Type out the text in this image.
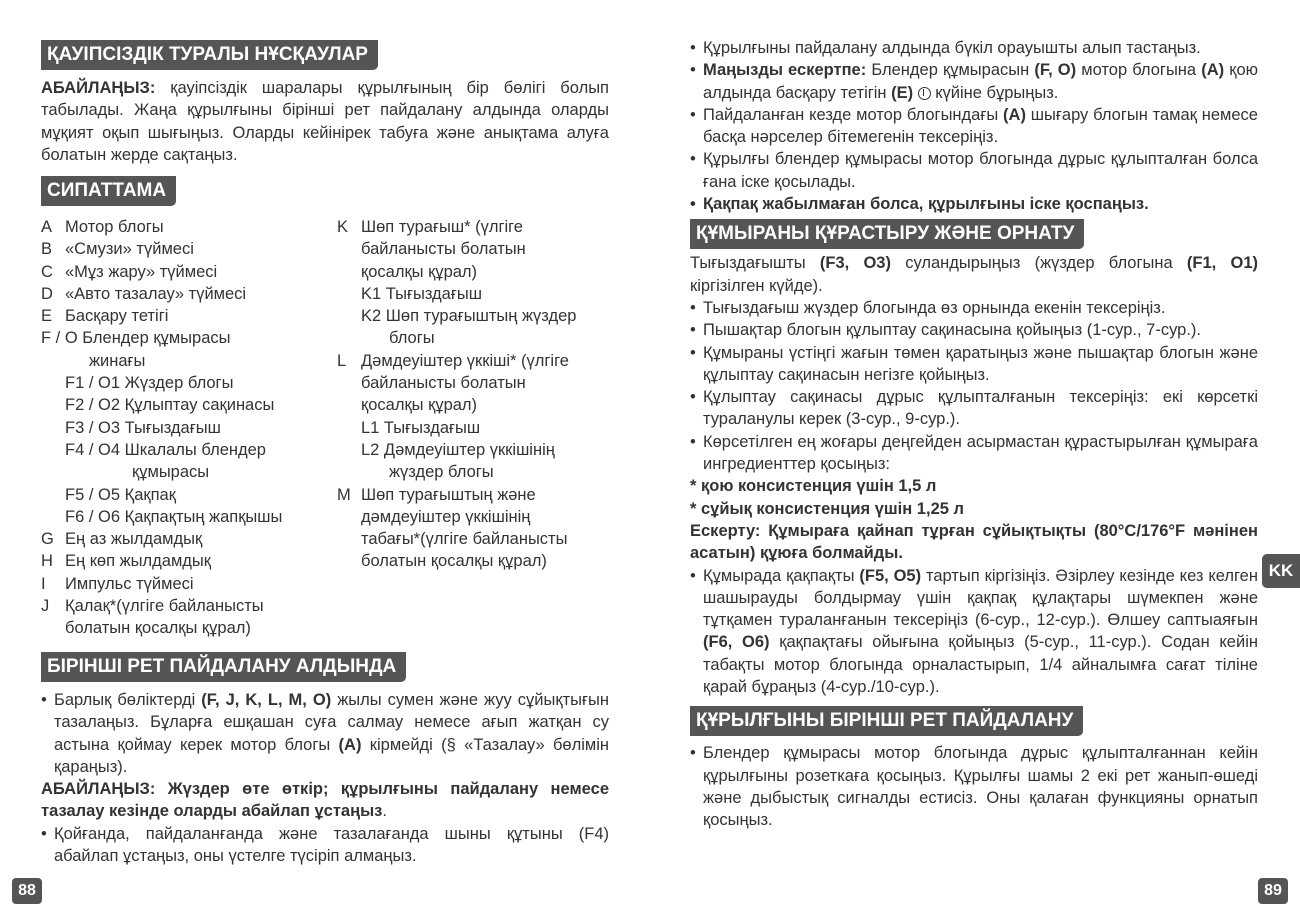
ҚАУІПСІЗДІК ТУРАЛЫ НҰСҚАУЛАР

АБАЙЛАҢЫЗ: қауіпсіздік шаралары құрылғының бір бөлігі болып табылады. Жаңа құрылғыны бірінші рет пайдалану алдында оларды мұқият оқып шығыңыз. Оларды кейінірек табуға және анықтама алуға болатын жерде сақтаңыз.

СИПАТТАМА
A Мотор блогы
B «Смузи» түймесі
C «Мұз жару» түймесі
D «Авто тазалау» түймесі
E Басқару тетігі
F / O Блендер құмырасы
жинағы
F1 / O1 Жүздер блогы
F2 / O2 Құлыптау сақинасы
F3 / O3 Тығыздағыш
F4 / O4 Шкалалы блендер
құмырасы
F5 / O5 Қақпақ
F6 / O6 Қақпақтың жапқышы
G Ең аз жылдамдық
H Ең көп жылдамдық
I Импульс түймесі
J Қалақ*(үлгіге байланысты
болатын қосалқы құрал)
K Шөп турағыш* (үлгіге
байланысты болатын
қосалқы құрал)
K1 Тығыздағыш
K2 Шөп турағыштың жүздер
блогы
L Дәмдеуіштер үккіші* (үлгіге
байланысты болатын
қосалқы құрал)
L1 Тығыздағыш
L2 Дәмдеуіштер үккішінің
жүздер блогы
M Шөп турағыштың және
дәмдеуіштер үккішінің
табағы*(үлгіге байланысты
болатын қосалқы құрал)
БІРІНШІ РЕТ ПАЙДАЛАНУ АЛДЫНДА
• Барлық бөліктерді (F, J, K, L, M, O) жылы сумен және жуу сұйықтығын тазалаңыз. Бұларға ешқашан суға салмау немесе ағып жатқан су астына қоймау керек мотор блогы (A) кірмейді (§ «Тазалау» бөлімін қараңыз).

АБАЙЛАҢЫЗ: Жүздер өте өткір; құрылғыны пайдалану немесе тазалау кезінде оларды абайлап ұстаңыз.

• Қойғанда, пайдаланғанда және тазалағанда шыны құтыны (F4) абайлап ұстаңыз, оны үстелге түсіріп алмаңыз.
88
• Құрылғыны пайдалану алдында бүкіл орауышты алып тастаңыз.
• Маңызды ескертпе: Блендер құмырасын (F, O) мотор блогына (A) қою алдында басқару тетігін (E)  күйіне бұрыңыз.
• Пайдаланған кезде мотор блогындағы (A) шығару блогын тамақ немесе басқа нәрселер бітемегенін тексеріңіз.
• Құрылғы блендер құмырасы мотор блогында дұрыс құлыпталған болса ғана іске қосылады.
• Қақпақ жабылмаған болса, құрылғыны іске қоспаңыз.
ҚҰМЫРАНЫ ҚҰРАСТЫРУ ЖӘНЕ ОРНАТУ

Тығыздағышты (F3, O3) суландырыңыз (жүздер блогына (F1, O1) кіргізілген күйде).

• Тығыздағыш жүздер блогында өз орнында екенін тексеріңіз.
• Пышақтар блогын құлыптау сақинасына қойыңыз (1-сур., 7-сур.).
• Құмыраны үстіңгі жағын төмен қаратыңыз және пышақтар блогын және құлыптау сақинасын негізге қойыңыз.
• Құлыптау сақинасы дұрыс құлыпталғанын тексеріңіз: екі көрсеткі тураланулы керек (3-сур., 9-сур.).
• Көрсетілген ең жоғары деңгейден асырмастан құрастырылған құмыраға ингредиенттер қосыңыз:

* қою консистенция үшін 1,5 л

* сұйық консистенция үшін 1,25 л

Ескерту: Құмыраға қайнап тұрған сұйықтықты (80°C/176°F мәнінен асатын) құюға болмайды.

• Құмырада қақпақты (F5, O5) тартып кіргізіңіз. Әзірлеу кезінде кез келген шашырауды болдырмау үшін қақпақ құлақтары шүмекпен және тұтқамен тураланғанын тексеріңіз (6-сур., 12-сур.). Өлшеу саптыаяғын (F6, O6) қақпақтағы ойығына қойыңыз (5-сур., 11-сур.). Содан кейін табақты мотор блогында орналастырып, 1/4 айналымға сағат тіліне қарай бұраңыз (4-сур./10-сур.).
ҚҰРЫЛҒЫНЫ БІРІНШІ РЕТ ПАЙДАЛАНУ
• Блендер құмырасы мотор блогында дұрыс құлыпталғаннан кейін құрылғыны розеткаға қосыңыз. Құрылғы шамы 2 екі рет жанып-өшеді және дыбыстық сигналды естисіз. Оны қалаған функцияны орнатып қосыңыз.
KK
89
